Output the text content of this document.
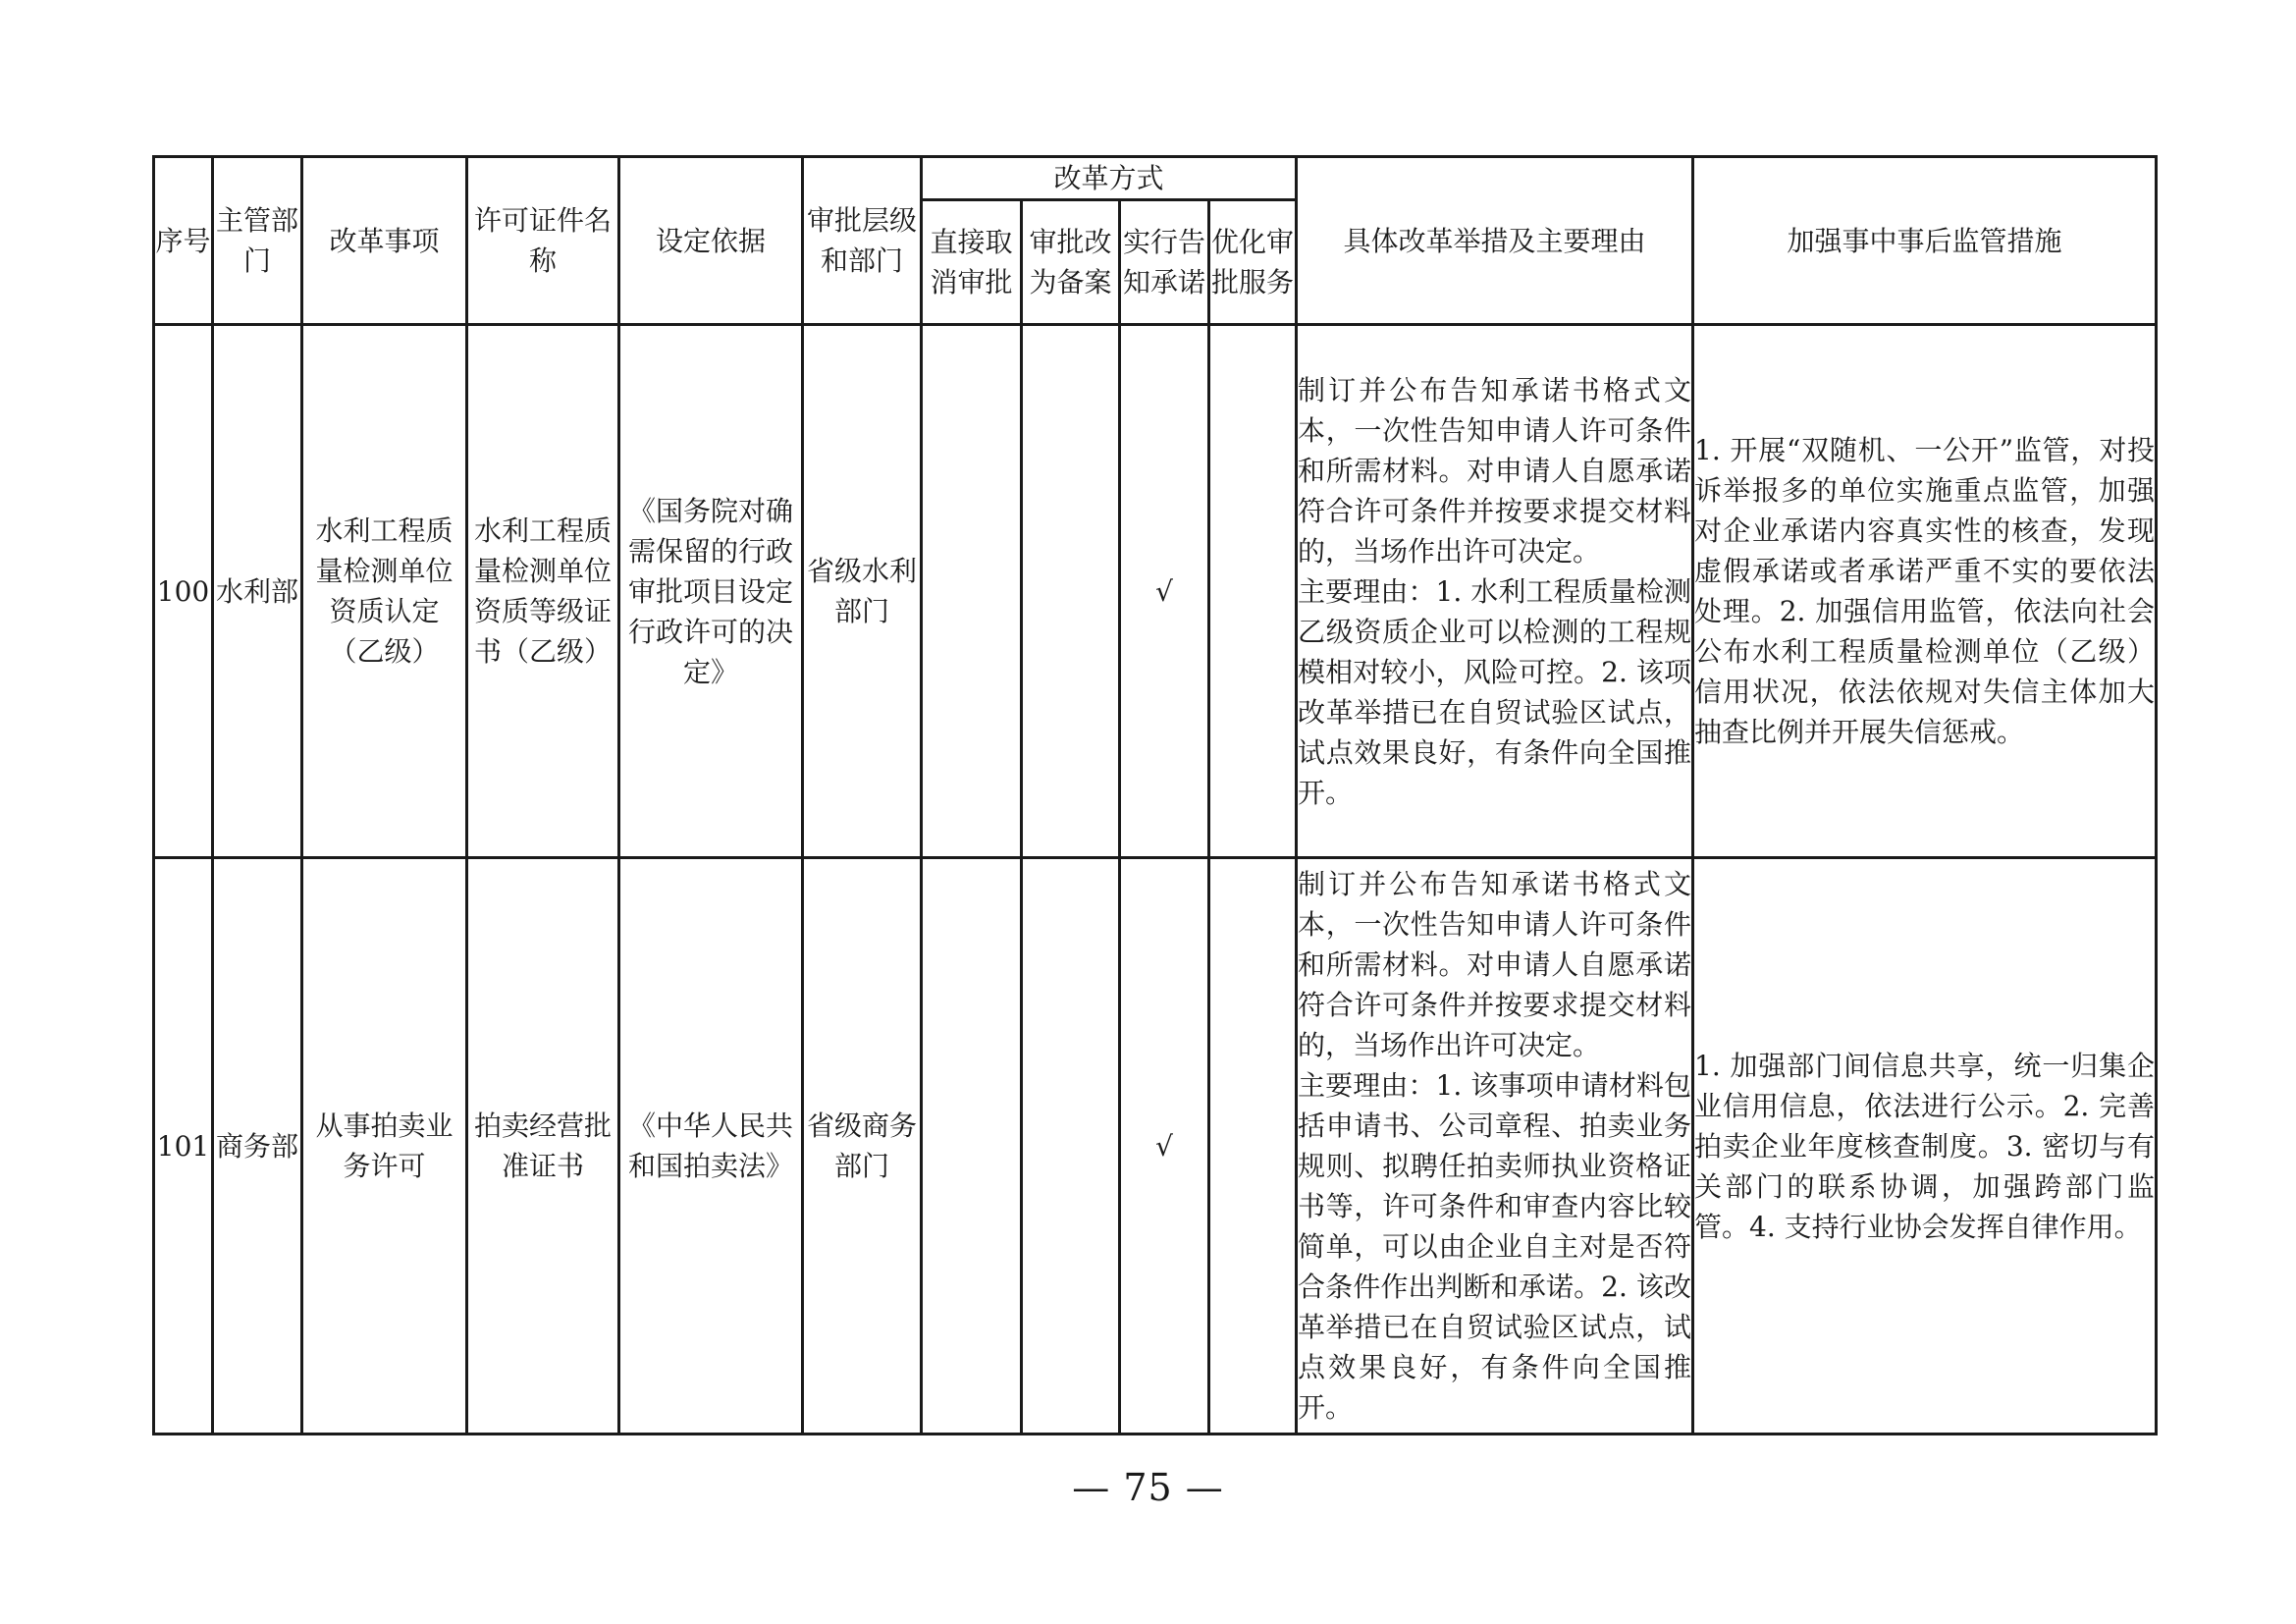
序号	主管部门	改革事项	许可证件名称	设定依据	审批层级和部门	改革方式				具体改革举措及主要理由	加强事中事后监管措施
						直接取消审批	审批改为备案	实行告知承诺	优化审批服务		
100	水利部	水利工程质量检测单位资质认定（乙级）	水利工程质量检测单位资质等级证书（乙级）	《国务院对确需保留的行政审批项目设定行政许可的决定》	省级水利部门			√		制订并公布告知承诺书格式文本，一次性告知申请人许可条件和所需材料。对申请人自愿承诺符合许可条件并按要求提交材料的，当场作出许可决定。
主要理由：1. 水利工程质量检测乙级资质企业可以检测的工程规模相对较小，风险可控。2. 该项改革举措已在自贸试验区试点，试点效果良好，有条件向全国推开。	1. 开展“双随机、一公开”监管，对投诉举报多的单位实施重点监管，加强对企业承诺内容真实性的核查，发现虚假承诺或者承诺严重不实的要依法处理。2. 加强信用监管，依法向社会公布水利工程质量检测单位（乙级）信用状况，依法依规对失信主体加大抽查比例并开展失信惩戒。
101	商务部	从事拍卖业务许可	拍卖经营批准证书	《中华人民共和国拍卖法》	省级商务部门			√		制订并公布告知承诺书格式文本，一次性告知申请人许可条件和所需材料。对申请人自愿承诺符合许可条件并按要求提交材料的，当场作出许可决定。
主要理由：1. 该事项申请材料包括申请书、公司章程、拍卖业务规则、拟聘任拍卖师执业资格证书等，许可条件和审查内容比较简单，可以由企业自主对是否符合条件作出判断和承诺。2. 该改革举措已在自贸试验区试点，试点效果良好，有条件向全国推开。	1. 加强部门间信息共享，统一归集企业信用信息，依法进行公示。2. 完善拍卖企业年度核查制度。3. 密切与有关部门的联系协调，加强跨部门监管。4. 支持行业协会发挥自律作用。
— 75 —
